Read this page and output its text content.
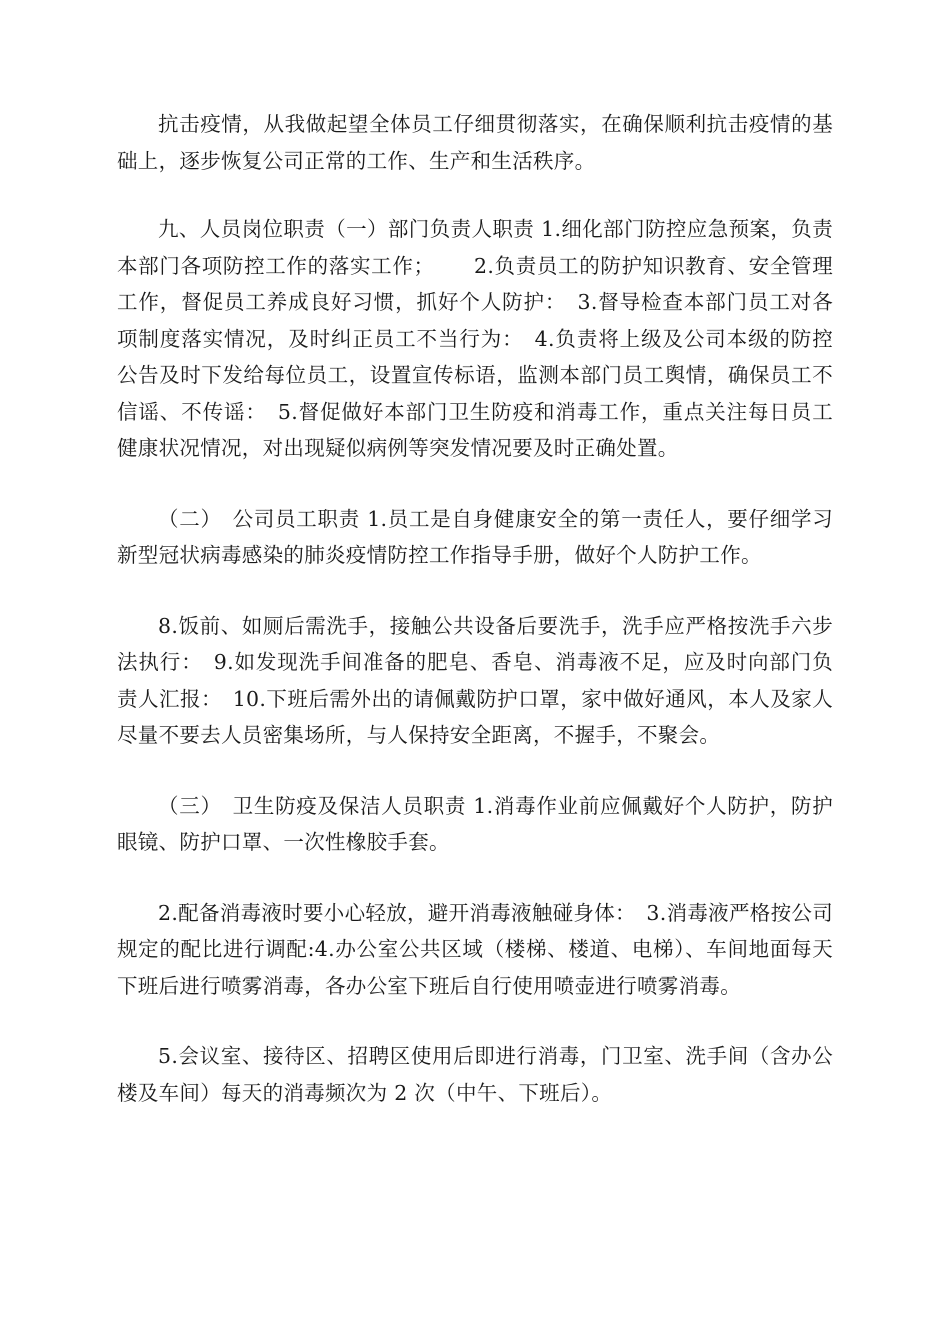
抗击疫情，从我做起望全体员工仔细贯彻落实，在确保顺利抗击疫情的基础上，逐步恢复公司正常的工作、生产和生活秩序。

九、人员岗位职责（一）部门负责人职责 1.细化部门防控应急预案，负责本部门各项防控工作的落实工作；　　 2.负责员工的防护知识教育、安全管理工作，督促员工养成良好习惯，抓好个人防护：　3.督导检查本部门员工对各项制度落实情况，及时纠正员工不当行为：　4.负责将上级及公司本级的防控公告及时下发给每位员工，设置宣传标语，监测本部门员工舆情，确保员工不信谣、不传谣：　5.督促做好本部门卫生防疫和消毒工作，重点关注每日员工健康状况情况，对出现疑似病例等突发情况要及时正确处置。

（二）　公司员工职责 1.员工是自身健康安全的第一责任人，要仔细学习新型冠状病毒感染的肺炎疫情防控工作指导手册，做好个人防护工作。

8.饭前、如厕后需洗手，接触公共设备后要洗手，洗手应严格按洗手六步法执行：　9.如发现洗手间准备的肥皂、香皂、消毒液不足，应及时向部门负责人汇报：　10.下班后需外出的请佩戴防护口罩，家中做好通风，本人及家人尽量不要去人员密集场所，与人保持安全距离，不握手，不聚会。

（三）　卫生防疫及保洁人员职责 1.消毒作业前应佩戴好个人防护，防护眼镜、防护口罩、一次性橡胶手套。

2.配备消毒液时要小心轻放，避开消毒液触碰身体：　3.消毒液严格按公司规定的配比进行调配:4.办公室公共区域（楼梯、楼道、电梯）、车间地面每天下班后进行喷雾消毒，各办公室下班后自行使用喷壶进行喷雾消毒。

5.会议室、接待区、招聘区使用后即进行消毒，门卫室、洗手间（含办公楼及车间）每天的消毒频次为 2 次（中午、下班后）。
